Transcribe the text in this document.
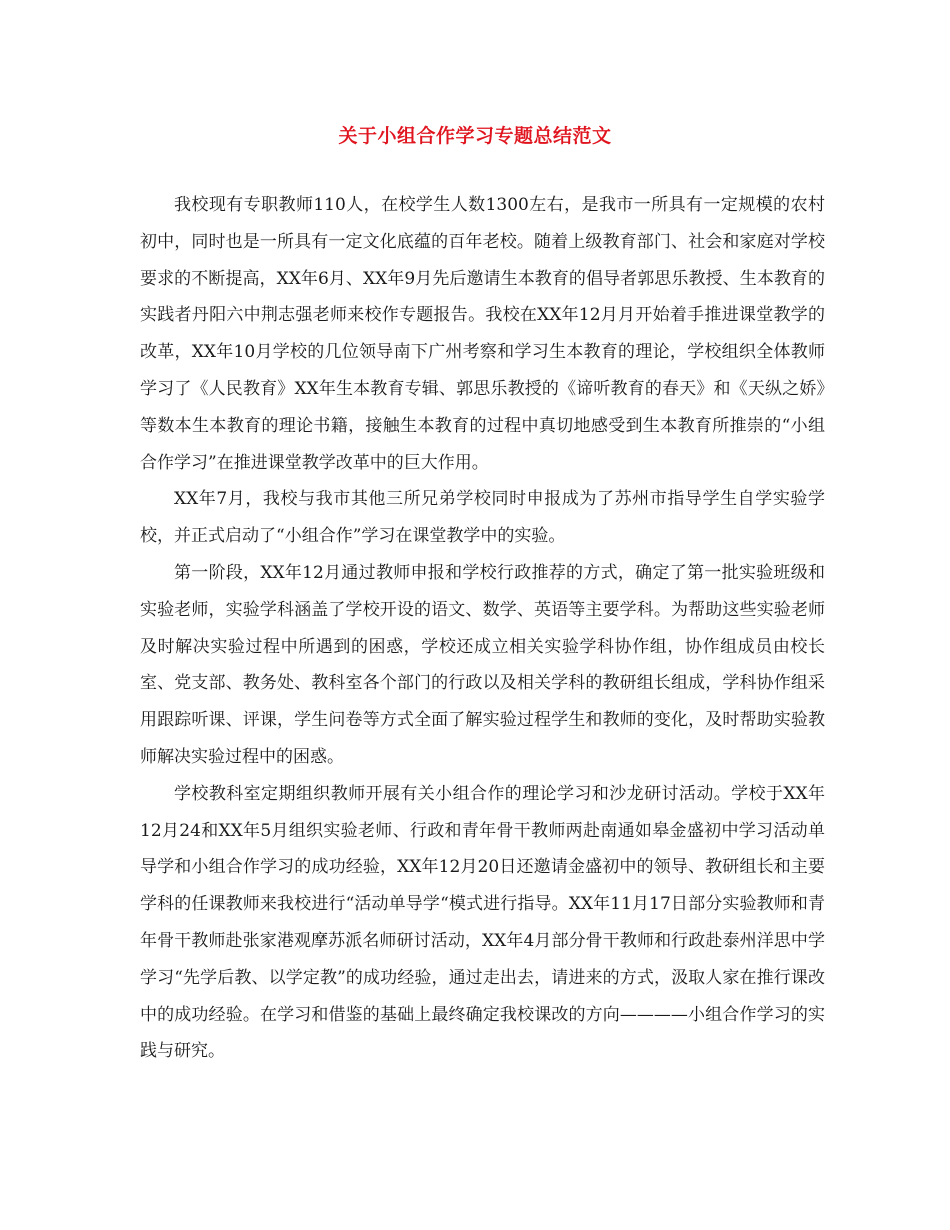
关于小组合作学习专题总结范文

我校现有专职教师110人，在校学生人数1300左右，是我市一所具有一定规模的农村初中，同时也是一所具有一定文化底蕴的百年老校。随着上级教育部门、社会和家庭对学校要求的不断提高，XX年6月、XX年9月先后邀请生本教育的倡导者郭思乐教授、生本教育的实践者丹阳六中荆志强老师来校作专题报告。我校在XX年12月月开始着手推进课堂教学的改革，XX年10月学校的几位领导南下广州考察和学习生本教育的理论，学校组织全体教师学习了《人民教育》XX年生本教育专辑、郭思乐教授的《谛听教育的春天》和《天纵之娇》等数本生本教育的理论书籍，接触生本教育的过程中真切地感受到生本教育所推崇的“小组合作学习”在推进课堂教学改革中的巨大作用。

XX年7月，我校与我市其他三所兄弟学校同时申报成为了苏州市指导学生自学实验学校，并正式启动了“小组合作”学习在课堂教学中的实验。

第一阶段，XX年12月通过教师申报和学校行政推荐的方式，确定了第一批实验班级和实验老师，实验学科涵盖了学校开设的语文、数学、英语等主要学科。为帮助这些实验老师及时解决实验过程中所遇到的困惑，学校还成立相关实验学科协作组，协作组成员由校长室、党支部、教务处、教科室各个部门的行政以及相关学科的教研组长组成，学科协作组采用跟踪听课、评课，学生问卷等方式全面了解实验过程学生和教师的变化，及时帮助实验教师解决实验过程中的困惑。

学校教科室定期组织教师开展有关小组合作的理论学习和沙龙研讨活动。学校于XX年12月24和XX年5月组织实验老师、行政和青年骨干教师两赴南通如皋金盛初中学习活动单导学和小组合作学习的成功经验，XX年12月20日还邀请金盛初中的领导、教研组长和主要学科的任课教师来我校进行“活动单导学“模式进行指导。XX年11月17日部分实验教师和青年骨干教师赴张家港观摩苏派名师研讨活动，XX年4月部分骨干教师和行政赴泰州洋思中学学习“先学后教、以学定教”的成功经验，通过走出去，请进来的方式，汲取人家在推行课改中的成功经验。在学习和借鉴的基础上最终确定我校课改的方向————小组合作学习的实践与研究。
